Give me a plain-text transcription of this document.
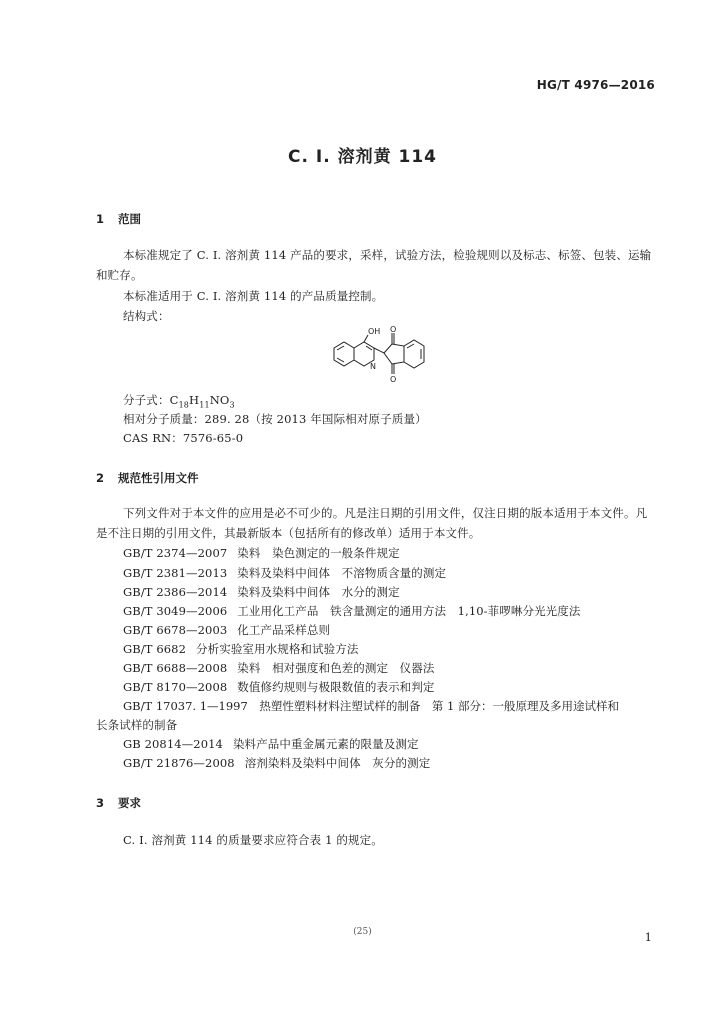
HG/T 4976—2016
C. I. 溶剂黄 114
1 范围
本标准规定了 C. I. 溶剂黄 114 产品的要求，采样，试验方法，检验规则以及标志、标签、包装、运输和贮存。
本标准适用于 C. I. 溶剂黄 114 的产品质量控制。
结构式：
OH O
O
N
分子式：$C_{18}H_{11}NO_3$
相对分子质量：289. 28（按 2013 年国际相对原子质量）
CAS RN：7576-65-0
2 规范性引用文件
下列文件对于本文件的应用是必不可少的。凡是注日期的引用文件，仅注日期的版本适用于本文件。凡是不注日期的引用文件，其最新版本（包括所有的修改单）适用于本文件。
GB/T 2374—2007 染料　染色测定的一般条件规定
GB/T 2381—2013 染料及染料中间体　不溶物质含量的测定
GB/T 2386—2014 染料及染料中间体　水分的测定
GB/T 3049—2006 工业用化工产品　铁含量测定的通用方法　1,10-菲啰啉分光光度法
GB/T 6678—2003 化工产品采样总则
GB/T 6682 分析实验室用水规格和试验方法
GB/T 6688—2008 染料　相对强度和色差的测定　仪器法
GB/T 8170—2008 数值修约规则与极限数值的表示和判定
GB/T 17037. 1—1997　热塑性塑料材料注塑试样的制备　第 1 部分：一般原理及多用途试样和
长条试样的制备
GB 20814—2014 染料产品中重金属元素的限量及测定
GB/T 21876—2008 溶剂染料及染料中间体　灰分的测定
3 要求
C. I. 溶剂黄 114 的质量要求应符合表 1 的规定。
(25)	1
